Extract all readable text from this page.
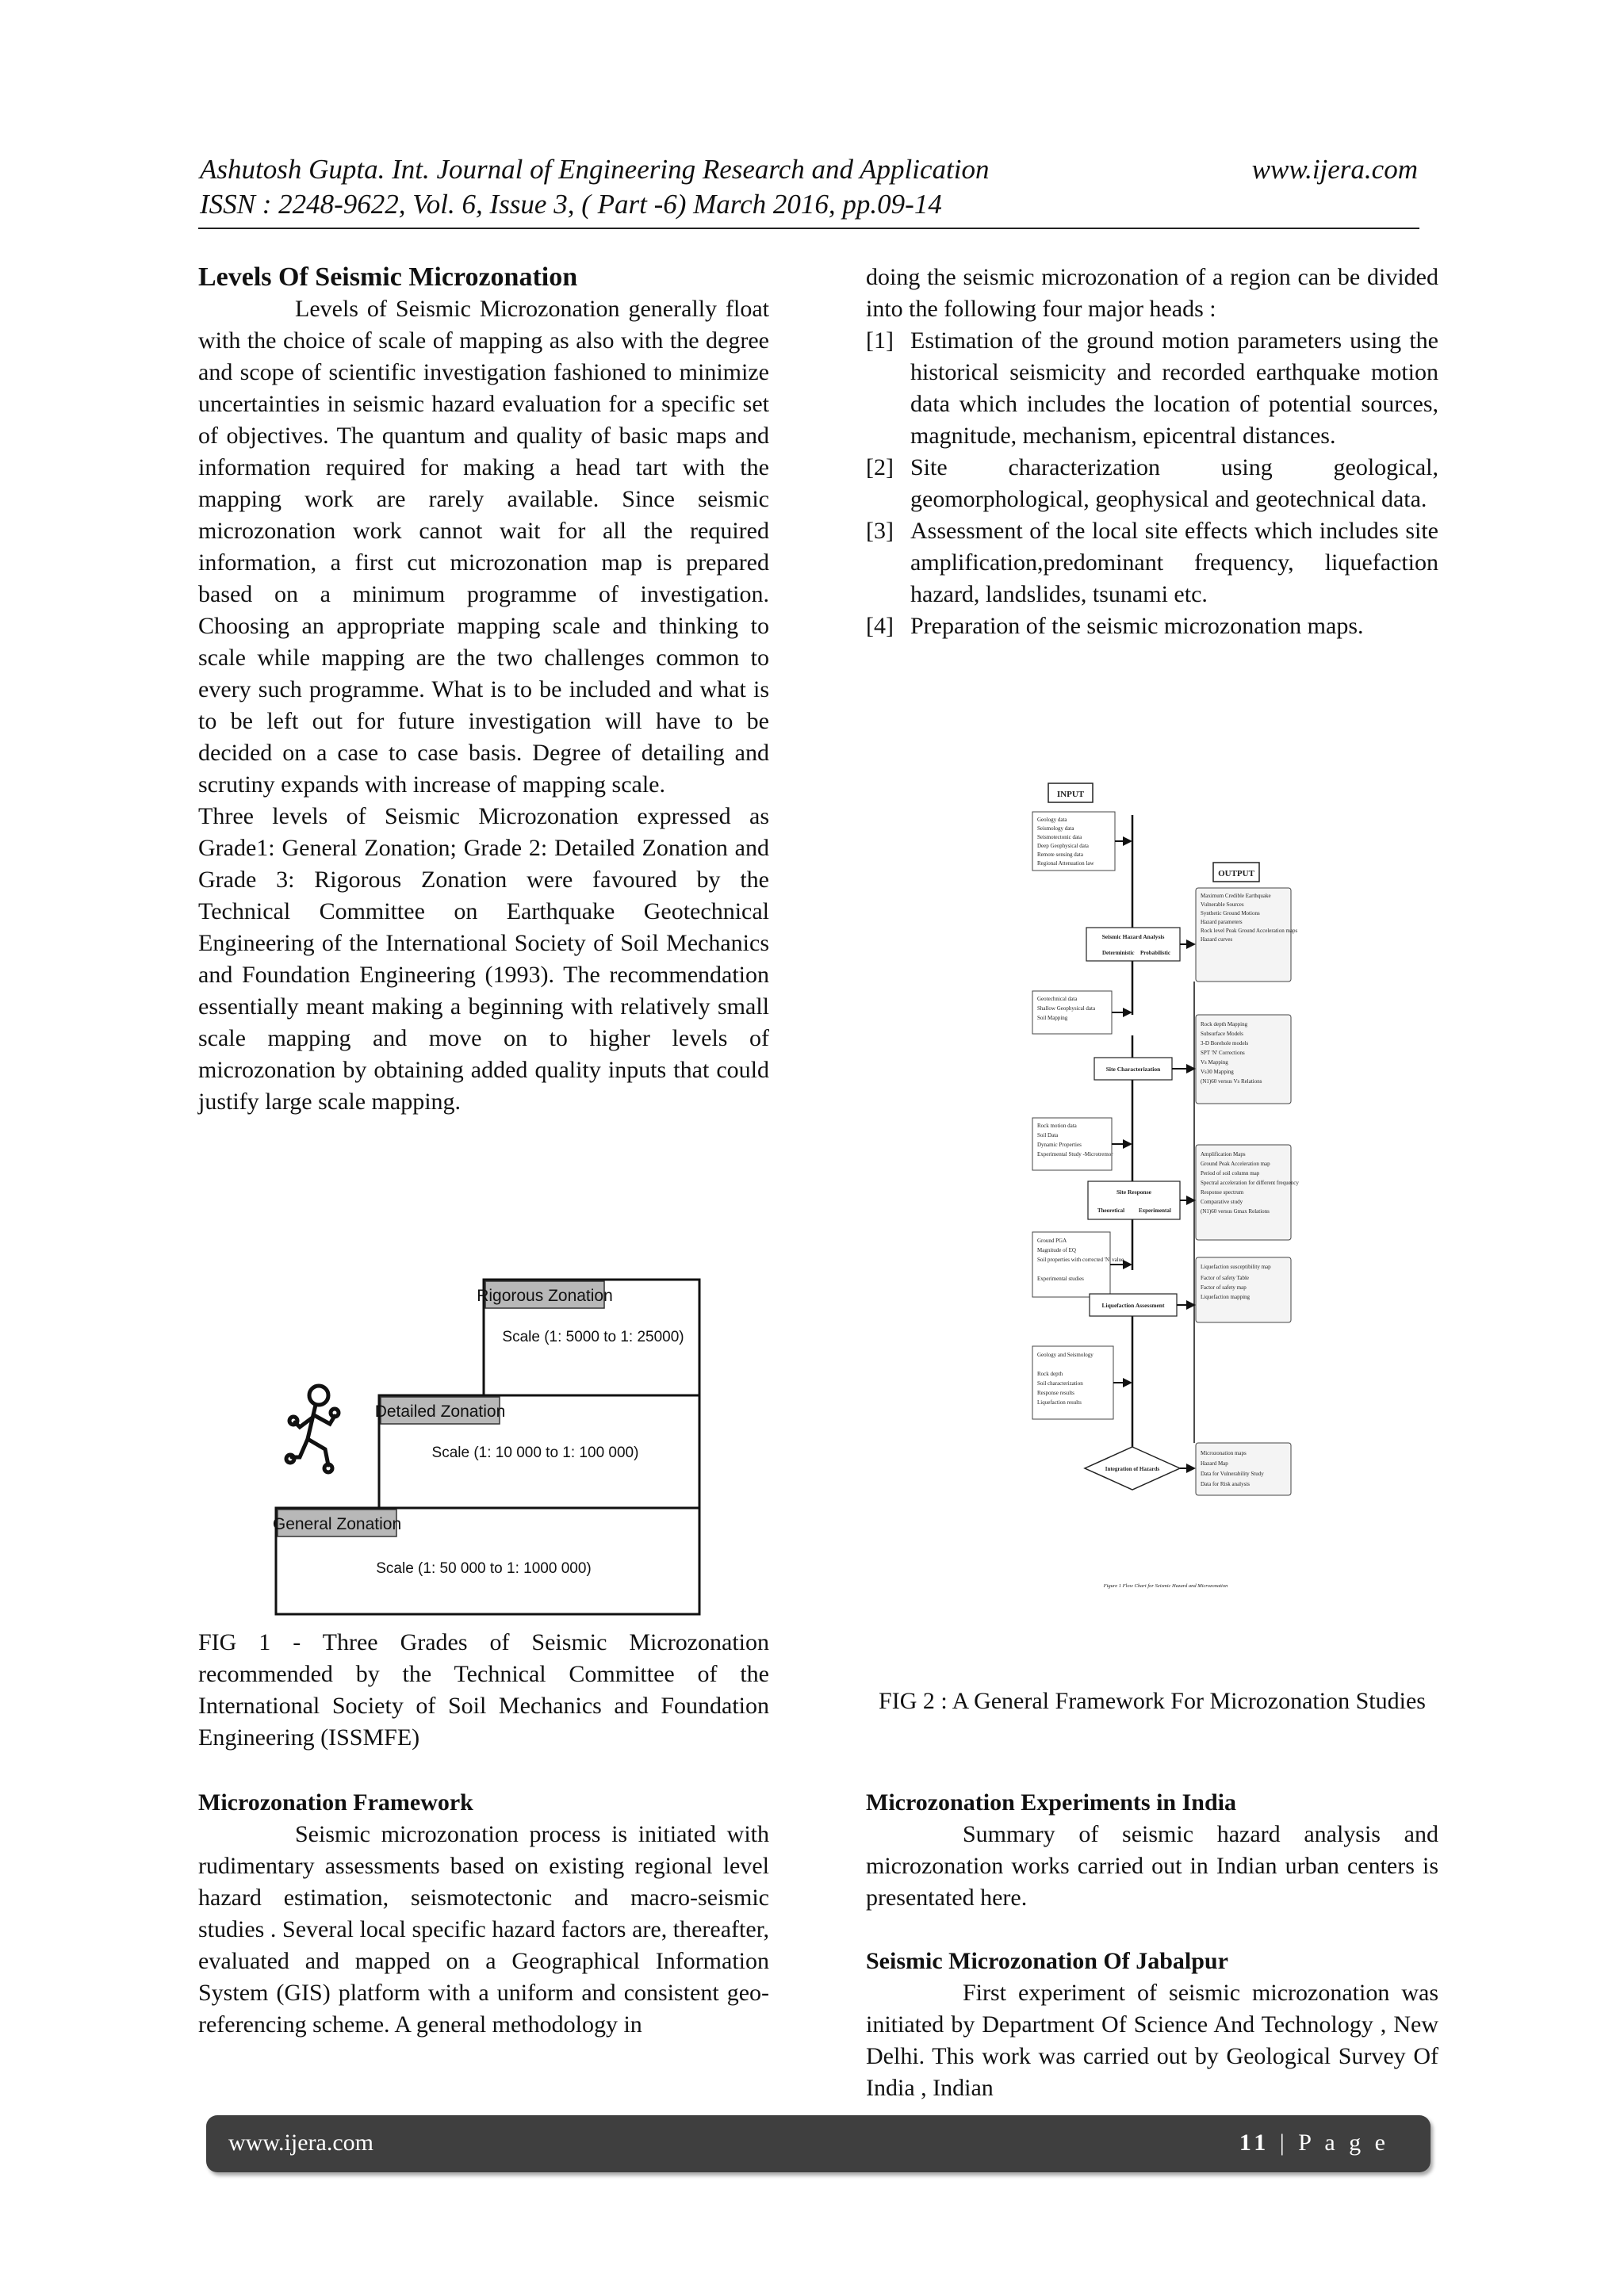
Ashutosh Gupta. Int. Journal of Engineering Research and Application	www.ijera.com
ISSN : 2248-9622, Vol. 6, Issue 3, ( Part -6) March 2016, pp.09-14
Levels Of Seismic Microzonation

Levels of Seismic Microzonation generally float with the choice of scale of mapping as also with the degree and scope of scientific investigation fashioned to minimize uncertainties in seismic hazard evaluation for a specific set of objectives. The quantum and quality of basic maps and information required for making a head tart with the mapping work are rarely available. Since seismic microzonation work cannot wait for all the required information, a first cut microzonation map is prepared based on a minimum programme of investigation. Choosing an appropriate mapping scale and thinking to scale while mapping are the two challenges common to every such programme. What is to be included and what is to be left out for future investigation will have to be decided on a case to case basis. Degree of detailing and scrutiny expands with increase of mapping scale.

Three levels of Seismic Microzonation expressed as Grade1: General Zonation; Grade 2: Detailed Zonation and Grade 3: Rigorous Zonation were favoured by the Technical Committee on Earthquake Geotechnical Engineering of the International Society of Soil Mechanics and Foundation Engineering (1993). The recommendation essentially meant making a beginning with relatively small scale mapping and move on to higher levels of microzonation by obtaining added quality inputs that could justify large scale mapping.

Rigorous Zonation
Scale (1: 5000 to 1: 25000)
Detailed Zonation
Scale (1: 10 000 to 1: 100 000)
General Zonation
Scale (1: 50 000 to 1: 1000 000)
FIG 1 - Three Grades of Seismic Microzonation recommended by the Technical Committee of the International Society of Soil Mechanics and Foundation Engineering (ISSMFE)
Microzonation Framework

Seismic microzonation process is initiated with rudimentary assessments based on existing regional level hazard estimation, seismotectonic and macro-seismic studies . Several local specific hazard factors are, thereafter, evaluated and mapped on a Geographical Information System (GIS) platform with a uniform and consistent geo-referencing scheme. A general methodology in

doing the seismic microzonation of a region can be divided into the following four major heads :

[1] Estimation of the ground motion parameters using the historical seismicity and recorded earthquake motion data which includes the location of potential sources, magnitude, mechanism, epicentral distances.
[2] Site characterization using geological, geomorphological, geophysical and geotechnical data.
[3] Assessment of the local site effects which includes site amplification,predominant frequency, liquefaction hazard, landslides, tsunami etc.
[4] Preparation of the seismic microzonation maps.
INPUT
OUTPUT
Geology data
Seismology data
Seismotectonic data
Deep Geophysical data
Remote sensing data
Regional Attenuation law
Seismic Hazard Analysis
Deterministic Probabilistic
Maximum Credible Earthquake
Vulnerable Sources
Synthetic Ground Motions
Hazard parameters
Rock level Peak Ground Acceleration maps
Hazard curves
Geotechnical data
Shallow Geophysical data
Soil Mapping
Site Characterization
Rock depth Mapping
Subsurface Models
3-D Borehole models
SPT 'N' Corrections
Vs Mapping
Vs30 Mapping
(N1)60 versus Vs Relations
Rock motion data
Soil Data
Dynamic Properties
Experimental Study -Microtremor
Site Response
Theoretical	Experimental
Amplification Maps
Ground Peak Acceleration map
Period of soil column map
Spectral acceleration for different frequency
Response spectrum
Comparative study
(N1)60 versus Gmax Relations
Ground PGA
Magnitude of EQ
Soil properties with corrected 'N' value
Experimental studies
Liquefaction Assessment
Liquefaction susceptibility map
Factor of safety Table
Factor of safety map
Liquefaction mapping
Geology and Seismology
Rock depth
Soil characterization
Response results
Liquefaction results
Integration of Hazards
Microzonation maps
Hazard Map
Data for Vulnerability Study
Data for Risk analysis
Figure 1 Flow Chart for Seismic Hazard and Microzonation
FIG 2 : A General Framework For Microzonation Studies
Microzonation Experiments in India

Summary of seismic hazard analysis and microzonation works carried out in Indian urban centers is presentated here.

Seismic Microzonation Of Jabalpur

First experiment of seismic microzonation was initiated by Department Of Science And Technology , New Delhi. This work was carried out by Geological Survey Of India , Indian

www.ijera.com	11 | P a g e
